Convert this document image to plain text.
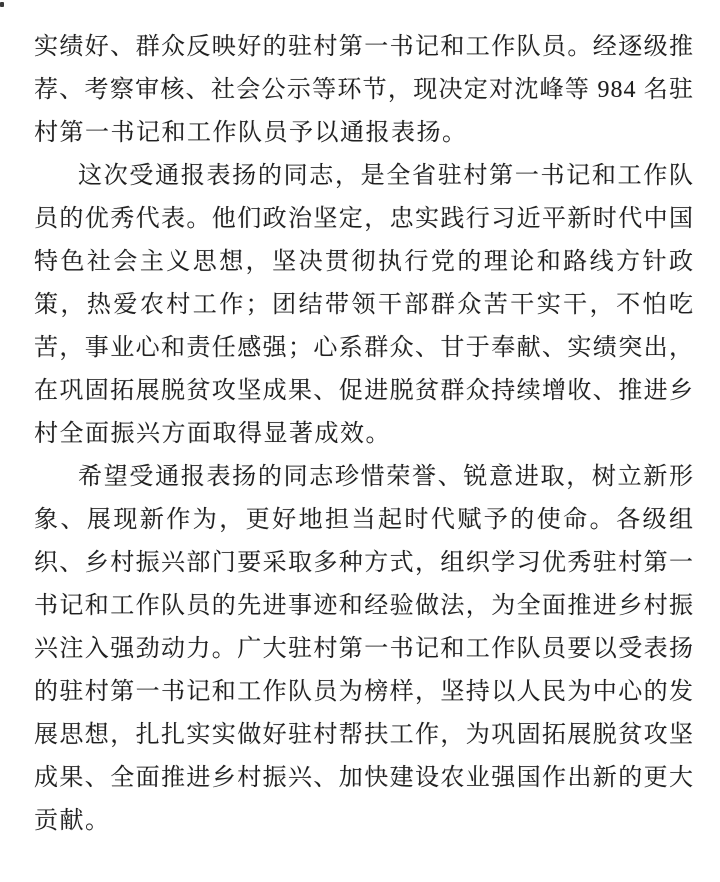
实绩好、群众反映好的驻村第一书记和工作队员。经逐级推
荐、考察审核、社会公示等环节，现决定对沈峰等 984 名驻
村第一书记和工作队员予以通报表扬。
这次受通报表扬的同志，是全省驻村第一书记和工作队
员的优秀代表。他们政治坚定，忠实践行习近平新时代中国
特色社会主义思想，坚决贯彻执行党的理论和路线方针政
策，热爱农村工作；团结带领干部群众苦干实干，不怕吃
苦，事业心和责任感强；心系群众、甘于奉献、实绩突出，
在巩固拓展脱贫攻坚成果、促进脱贫群众持续增收、推进乡
村全面振兴方面取得显著成效。
希望受通报表扬的同志珍惜荣誉、锐意进取，树立新形
象、展现新作为，更好地担当起时代赋予的使命。各级组
织、乡村振兴部门要采取多种方式，组织学习优秀驻村第一
书记和工作队员的先进事迹和经验做法，为全面推进乡村振
兴注入强劲动力。广大驻村第一书记和工作队员要以受表扬
的驻村第一书记和工作队员为榜样，坚持以人民为中心的发
展思想，扎扎实实做好驻村帮扶工作，为巩固拓展脱贫攻坚
成果、全面推进乡村振兴、加快建设农业强国作出新的更大
贡献。
